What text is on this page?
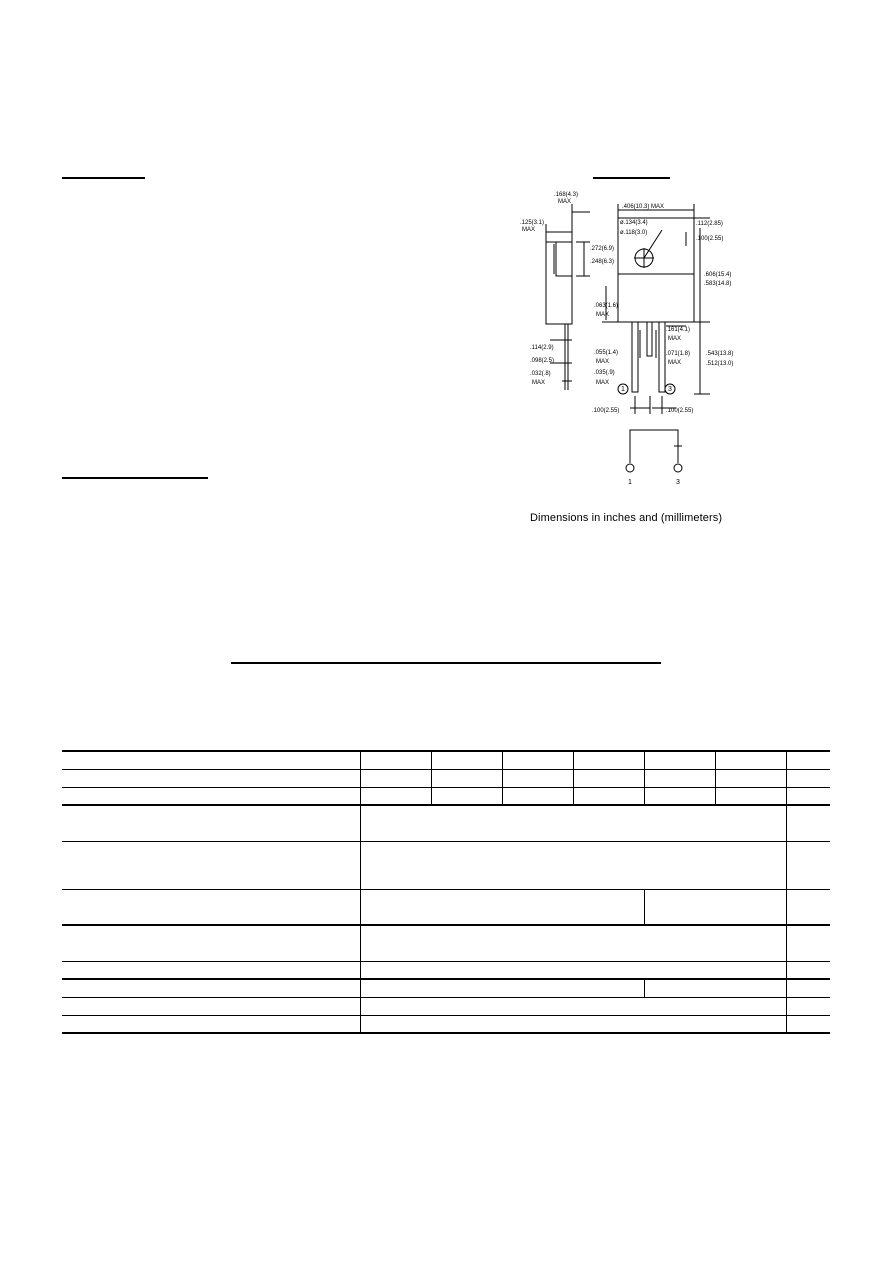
.168(4.3)
MAX
.406(10.3) MAX
.125(3.1)
MAX
ø.134(3.4)
ø.118(3.0)
.112(2.85)
.100(2.55)
.272(6.9)
.248(6.3)
.606(15.4)
.583(14.8)
.063(1.6)
MAX
.161(4.1)
MAX
.114(2.9)
.098(2.5)
.032(.8)
MAX
.055(1.4)
MAX
.035(.9)
MAX
.071(1.8)
MAX
.543(13.8)
.512(13.0)
.100(2.55)	.100(2.55)
1	3
1	3
Dimensions in inches and (millimeters)
